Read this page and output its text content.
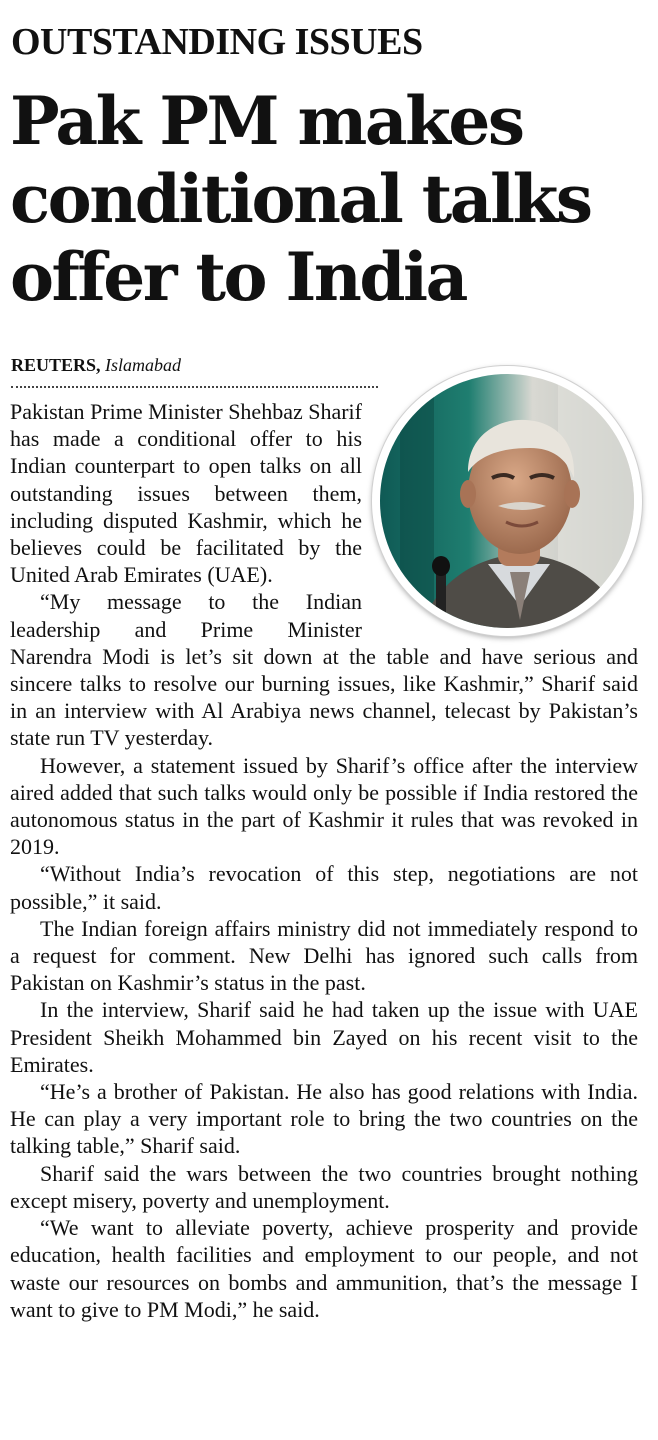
OUTSTANDING ISSUES
Pak PM makes
conditional talks
offer to India
REUTERS, Islamabad

Pakistan Prime Minister Shehbaz Sharif has made a conditional offer to his Indian counterpart to open talks on all outstanding issues between them, including disputed Kashmir, which he believes could be facilitated by the United Arab Emirates (UAE).

“My message to the Indian leadership and Prime Minister Narendra Modi is let’s sit down at the table and have serious and sincere talks to resolve our burning issues, like Kashmir,” Sharif said in an interview with Al Arabiya news channel, telecast by Pakistan’s state run TV yesterday.

However, a statement issued by Sharif’s office after the interview aired added that such talks would only be possible if India restored the autonomous status in the part of Kashmir it rules that was revoked in 2019.

“Without India’s revocation of this step, negotiations are not possible,” it said.

The Indian foreign affairs ministry did not immediately respond to a request for comment. New Delhi has ignored such calls from Pakistan on Kashmir’s status in the past.

In the interview, Sharif said he had taken up the issue with UAE President Sheikh Mohammed bin Zayed on his recent visit to the Emirates.

“He’s a brother of Pakistan. He also has good relations with India. He can play a very important role to bring the two countries on the talking table,” Sharif said.

Sharif said the wars between the two countries brought nothing except misery, poverty and unemployment.

“We want to alleviate poverty, achieve prosperity and provide education, health facilities and employment to our people, and not waste our resources on bombs and ammunition, that’s the message I want to give to PM Modi,” he said.
